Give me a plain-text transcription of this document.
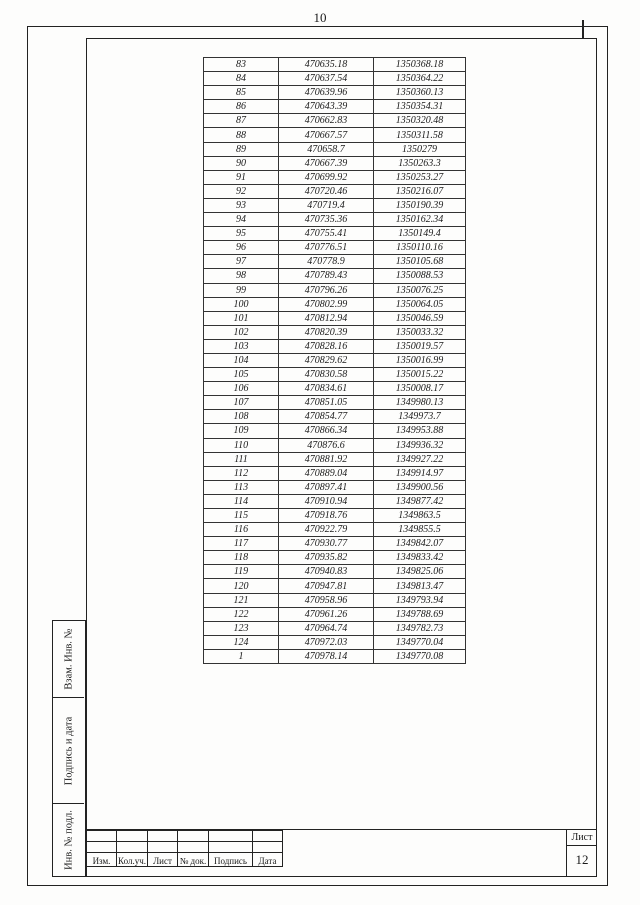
10
Взам. Инв. №
Подпись и дата
Инв. № подл.
83	470635.18	1350368.18
84	470637.54	1350364.22
85	470639.96	1350360.13
86	470643.39	1350354.31
87	470662.83	1350320.48
88	470667.57	1350311.58
89	470658.7	1350279
90	470667.39	1350263.3
91	470699.92	1350253.27
92	470720.46	1350216.07
93	470719.4	1350190.39
94	470735.36	1350162.34
95	470755.41	1350149.4
96	470776.51	1350110.16
97	470778.9	1350105.68
98	470789.43	1350088.53
99	470796.26	1350076.25
100	470802.99	1350064.05
101	470812.94	1350046.59
102	470820.39	1350033.32
103	470828.16	1350019.57
104	470829.62	1350016.99
105	470830.58	1350015.22
106	470834.61	1350008.17
107	470851.05	1349980.13
108	470854.77	1349973.7
109	470866.34	1349953.88
110	470876.6	1349936.32
111	470881.92	1349927.22
112	470889.04	1349914.97
113	470897.41	1349900.56
114	470910.94	1349877.42
115	470918.76	1349863.5
116	470922.79	1349855.5
117	470930.77	1349842.07
118	470935.82	1349833.42
119	470940.83	1349825.06
120	470947.81	1349813.47
121	470958.96	1349793.94
122	470961.26	1349788.69
123	470964.74	1349782.73
124	470972.03	1349770.04
1	470978.14	1349770.08

Изм.	Кол.уч.	Лист	№ док.	Подпись	Дата
Лист
12
